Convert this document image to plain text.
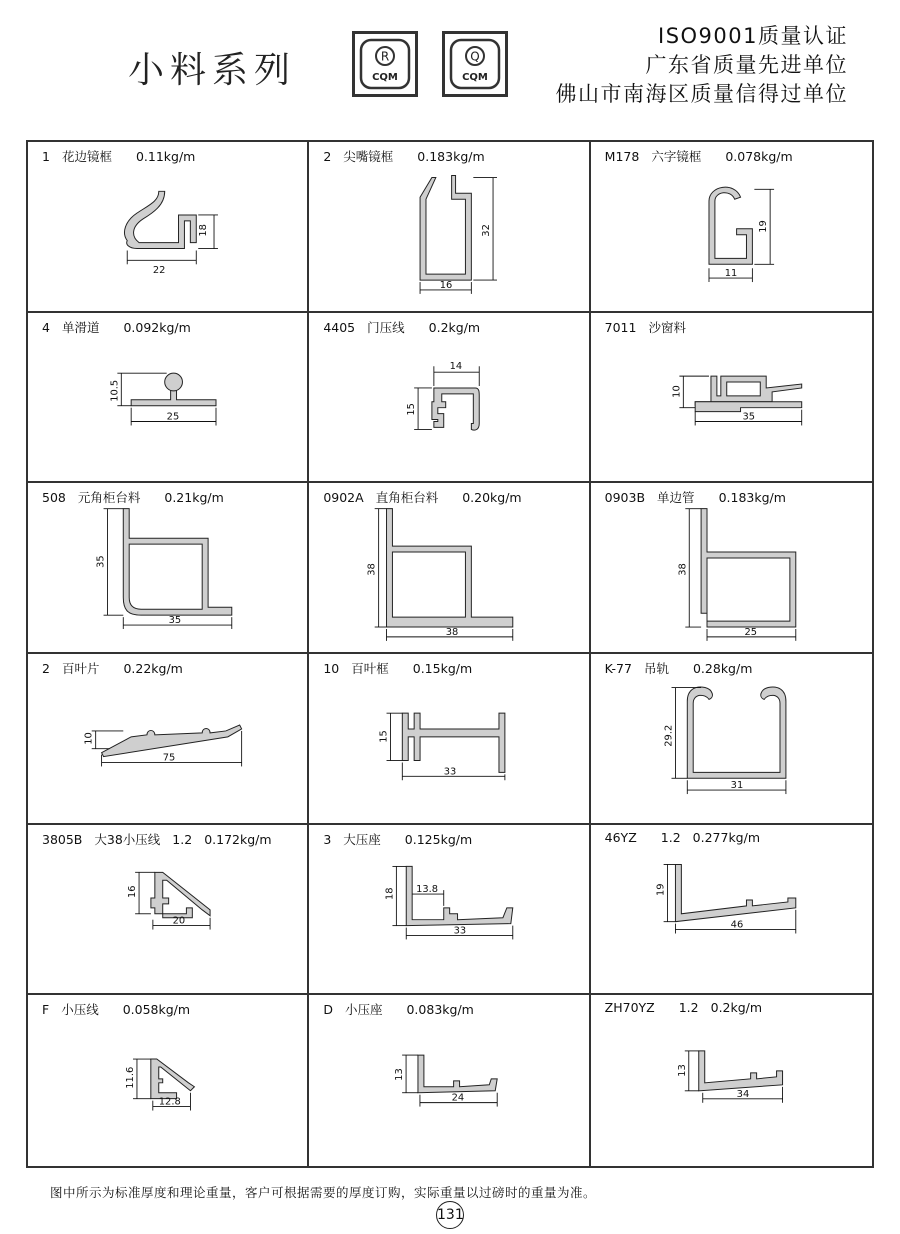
小料系列	R
CQM
Q
CQM
ISO9001质量认证
广东省质量先进单位
佛山市南海区质量信得过单位
1 花边镜框 0.11kg/m
22
18
2 尖嘴镜框 0.183kg/m
16
32
M178 六字镜框 0.078kg/m
11
19
4 单滑道 0.092kg/m
25
10.5
4405 门压线 0.2kg/m
14
15
7011 沙窗料
35
10
508 元角柜台料 0.21kg/m
35
35
0902A 直角柜台料 0.20kg/m
38
38
0903B 单边管 0.183kg/m
25
38
2 百叶片 0.22kg/m
75
10
10 百叶框 0.15kg/m
33
15
K-77 吊轨 0.28kg/m
31
29.2
3805B 大38小压线 1.2 0.172kg/m
20
16
3 大压座 0.125kg/m
33
13.8
18
46YZ 1.2 0.277kg/m
46
19
F 小压线 0.058kg/m
12.8
11.6
D 小压座 0.083kg/m
24
13
ZH70YZ 1.2 0.2kg/m
34
13
图中所示为标准厚度和理论重量，客户可根据需要的厚度订购，实际重量以过磅时的重量为准。
131
